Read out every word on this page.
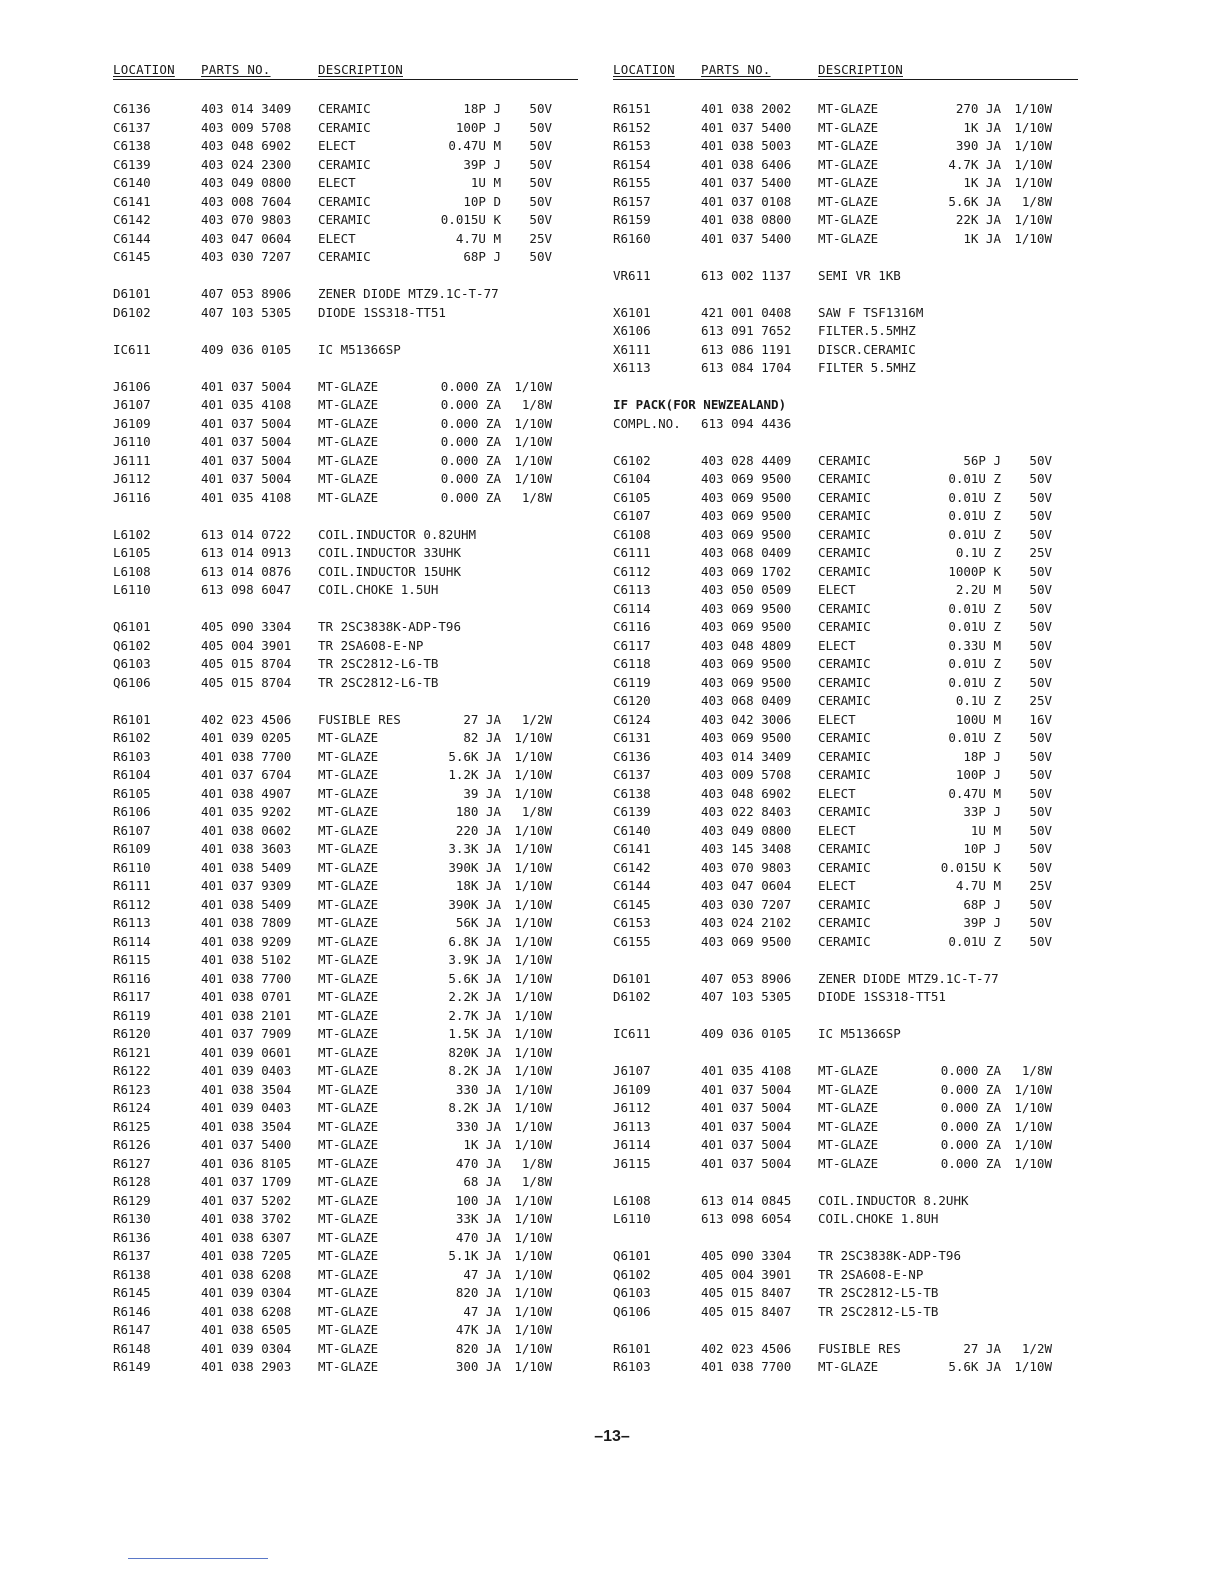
LOCATION PARTS NO.	DESCRIPTION
C6136	403 014 3409 CERAMIC	18P J	50V
C6137	403 009 5708 CERAMIC	100P J	50V
C6138	403 048 6902 ELECT	0.47U M	50V
C6139	403 024 2300 CERAMIC	39P J	50V
C6140	403 049 0800 ELECT	1U M	50V
C6141	403 008 7604 CERAMIC	10P D	50V
C6142	403 070 9803 CERAMIC	0.015U K	50V
C6144	403 047 0604 ELECT	4.7U M	25V
C6145	403 030 7207 CERAMIC	68P J	50V
D6101	407 053 8906 ZENER DIODE MTZ9.1C-T-77
D6102	407 103 5305 DIODE 1SS318-TT51
IC611	409 036 0105 IC M51366SP
J6106	401 037 5004 MT-GLAZE	0.000 ZA	1/10W
J6107	401 035 4108 MT-GLAZE	0.000 ZA	1/8W
J6109	401 037 5004 MT-GLAZE	0.000 ZA	1/10W
J6110	401 037 5004 MT-GLAZE	0.000 ZA	1/10W
J6111	401 037 5004 MT-GLAZE	0.000 ZA	1/10W
J6112	401 037 5004 MT-GLAZE	0.000 ZA	1/10W
J6116	401 035 4108 MT-GLAZE	0.000 ZA	1/8W
L6102	613 014 0722 COIL.INDUCTOR 0.82UHM
L6105	613 014 0913 COIL.INDUCTOR 33UHK
L6108	613 014 0876 COIL.INDUCTOR 15UHK
L6110	613 098 6047 COIL.CHOKE 1.5UH
Q6101	405 090 3304 TR 2SC3838K-ADP-T96
Q6102	405 004 3901 TR 2SA608-E-NP
Q6103	405 015 8704 TR 2SC2812-L6-TB
Q6106	405 015 8704 TR 2SC2812-L6-TB
R6101	402 023 4506 FUSIBLE RES	27 JA	1/2W
R6102	401 039 0205 MT-GLAZE	82 JA	1/10W
R6103	401 038 7700 MT-GLAZE	5.6K JA	1/10W
R6104	401 037 6704 MT-GLAZE	1.2K JA	1/10W
R6105	401 038 4907 MT-GLAZE	39 JA	1/10W
R6106	401 035 9202 MT-GLAZE	180 JA	1/8W
R6107	401 038 0602 MT-GLAZE	220 JA	1/10W
R6109	401 038 3603 MT-GLAZE	3.3K JA	1/10W
R6110	401 038 5409 MT-GLAZE	390K JA	1/10W
R6111	401 037 9309 MT-GLAZE	18K JA	1/10W
R6112	401 038 5409 MT-GLAZE	390K JA	1/10W
R6113	401 038 7809 MT-GLAZE	56K JA	1/10W
R6114	401 038 9209 MT-GLAZE	6.8K JA	1/10W
R6115	401 038 5102 MT-GLAZE	3.9K JA	1/10W
R6116	401 038 7700 MT-GLAZE	5.6K JA	1/10W
R6117	401 038 0701 MT-GLAZE	2.2K JA	1/10W
R6119	401 038 2101 MT-GLAZE	2.7K JA	1/10W
R6120	401 037 7909 MT-GLAZE	1.5K JA	1/10W
R6121	401 039 0601 MT-GLAZE	820K JA	1/10W
R6122	401 039 0403 MT-GLAZE	8.2K JA	1/10W
R6123	401 038 3504 MT-GLAZE	330 JA	1/10W
R6124	401 039 0403 MT-GLAZE	8.2K JA	1/10W
R6125	401 038 3504 MT-GLAZE	330 JA	1/10W
R6126	401 037 5400 MT-GLAZE	1K JA	1/10W
R6127	401 036 8105 MT-GLAZE	470 JA	1/8W
R6128	401 037 1709 MT-GLAZE	68 JA	1/8W
R6129	401 037 5202 MT-GLAZE	100 JA	1/10W
R6130	401 038 3702 MT-GLAZE	33K JA	1/10W
R6136	401 038 6307 MT-GLAZE	470 JA	1/10W
R6137	401 038 7205 MT-GLAZE	5.1K JA	1/10W
R6138	401 038 6208 MT-GLAZE	47 JA	1/10W
R6145	401 039 0304 MT-GLAZE	820 JA	1/10W
R6146	401 038 6208 MT-GLAZE	47 JA	1/10W
R6147	401 038 6505 MT-GLAZE	47K JA	1/10W
R6148	401 039 0304 MT-GLAZE	820 JA	1/10W
R6149	401 038 2903 MT-GLAZE	300 JA	1/10W
LOCATION PARTS NO.	DESCRIPTION
R6151	401 038 2002 MT-GLAZE	270 JA	1/10W
R6152	401 037 5400 MT-GLAZE	1K JA	1/10W
R6153	401 038 5003 MT-GLAZE	390 JA	1/10W
R6154	401 038 6406 MT-GLAZE	4.7K JA	1/10W
R6155	401 037 5400 MT-GLAZE	1K JA	1/10W
R6157	401 037 0108 MT-GLAZE	5.6K JA	1/8W
R6159	401 038 0800 MT-GLAZE	22K JA	1/10W
R6160	401 037 5400 MT-GLAZE	1K JA	1/10W
VR611	613 002 1137 SEMI VR 1KB
X6101	421 001 0408 SAW F TSF1316M
X6106	613 091 7652 FILTER.5.5MHZ
X6111	613 086 1191 DISCR.CERAMIC
X6113	613 084 1704 FILTER 5.5MHZ
IF PACK(FOR NEWZEALAND)
COMPL.NO. 613 094 4436
C6102	403 028 4409 CERAMIC	56P J	50V
C6104	403 069 9500 CERAMIC	0.01U Z	50V
C6105	403 069 9500 CERAMIC	0.01U Z	50V
C6107	403 069 9500 CERAMIC	0.01U Z	50V
C6108	403 069 9500 CERAMIC	0.01U Z	50V
C6111	403 068 0409 CERAMIC	0.1U Z	25V
C6112	403 069 1702 CERAMIC	1000P K	50V
C6113	403 050 0509 ELECT	2.2U M	50V
C6114	403 069 9500 CERAMIC	0.01U Z	50V
C6116	403 069 9500 CERAMIC	0.01U Z	50V
C6117	403 048 4809 ELECT	0.33U M	50V
C6118	403 069 9500 CERAMIC	0.01U Z	50V
C6119	403 069 9500 CERAMIC	0.01U Z	50V
C6120	403 068 0409 CERAMIC	0.1U Z	25V
C6124	403 042 3006 ELECT	100U M	16V
C6131	403 069 9500 CERAMIC	0.01U Z	50V
C6136	403 014 3409 CERAMIC	18P J	50V
C6137	403 009 5708 CERAMIC	100P J	50V
C6138	403 048 6902 ELECT	0.47U M	50V
C6139	403 022 8403 CERAMIC	33P J	50V
C6140	403 049 0800 ELECT	1U M	50V
C6141	403 145 3408 CERAMIC	10P J	50V
C6142	403 070 9803 CERAMIC	0.015U K	50V
C6144	403 047 0604 ELECT	4.7U M	25V
C6145	403 030 7207 CERAMIC	68P J	50V
C6153	403 024 2102 CERAMIC	39P J	50V
C6155	403 069 9500 CERAMIC	0.01U Z	50V
D6101	407 053 8906 ZENER DIODE MTZ9.1C-T-77
D6102	407 103 5305 DIODE 1SS318-TT51
IC611	409 036 0105 IC M51366SP
J6107	401 035 4108 MT-GLAZE	0.000 ZA	1/8W
J6109	401 037 5004 MT-GLAZE	0.000 ZA	1/10W
J6112	401 037 5004 MT-GLAZE	0.000 ZA	1/10W
J6113	401 037 5004 MT-GLAZE	0.000 ZA	1/10W
J6114	401 037 5004 MT-GLAZE	0.000 ZA	1/10W
J6115	401 037 5004 MT-GLAZE	0.000 ZA	1/10W
L6108	613 014 0845 COIL.INDUCTOR 8.2UHK
L6110	613 098 6054 COIL.CHOKE 1.8UH
Q6101	405 090 3304 TR 2SC3838K-ADP-T96
Q6102	405 004 3901 TR 2SA608-E-NP
Q6103	405 015 8407 TR 2SC2812-L5-TB
Q6106	405 015 8407 TR 2SC2812-L5-TB
R6101	402 023 4506 FUSIBLE RES	27 JA	1/2W
R6103	401 038 7700 MT-GLAZE	5.6K JA	1/10W
–13–
